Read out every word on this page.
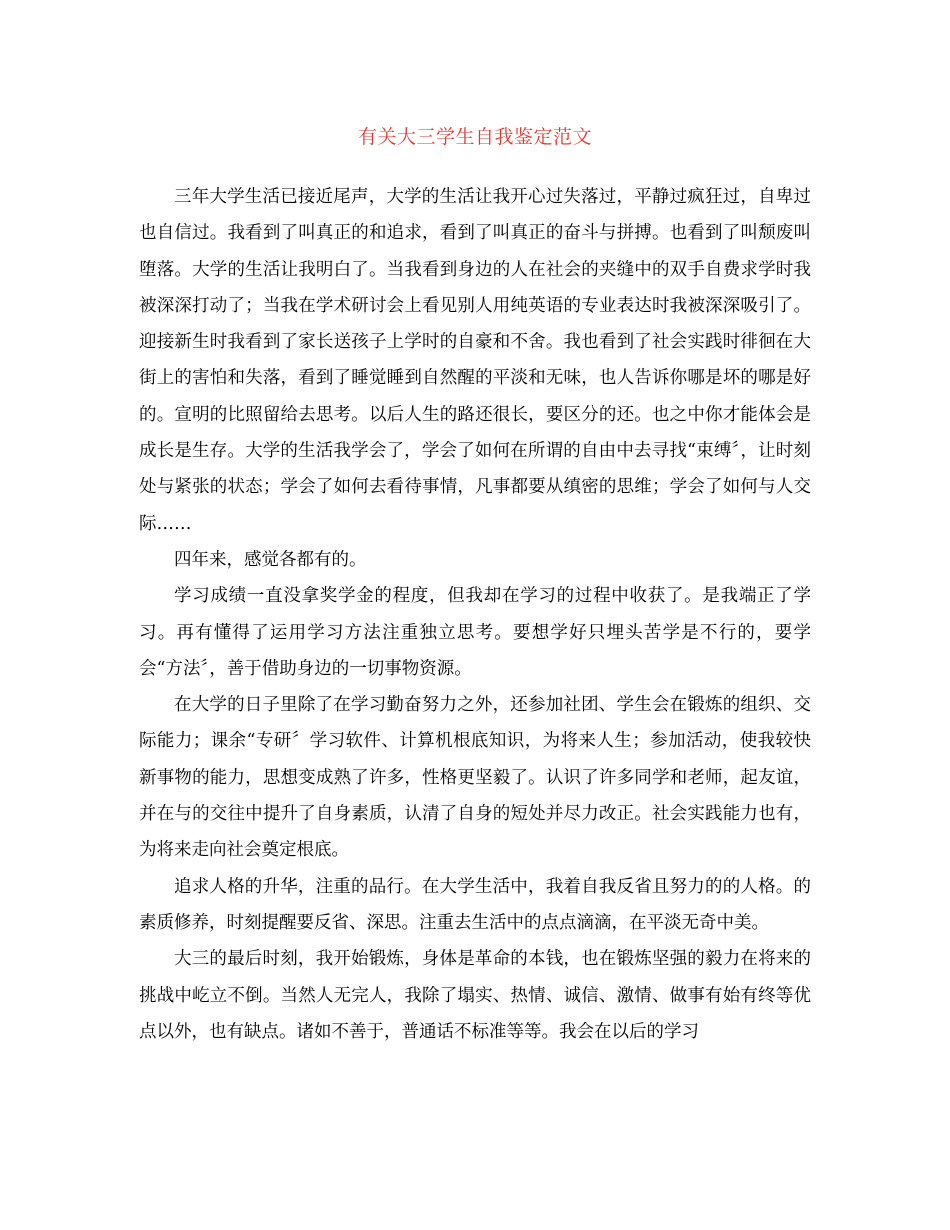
有关大三学生自我鉴定范文

三年大学生活已接近尾声，大学的生活让我开心过失落过，平静过疯狂过，自卑过也自信过。我看到了叫真正的和追求，看到了叫真正的奋斗与拼搏。也看到了叫颓废叫堕落。大学的生活让我明白了。当我看到身边的人在社会的夹缝中的双手自费求学时我被深深打动了；当我在学术研讨会上看见别人用纯英语的专业表达时我被深深吸引了。迎接新生时我看到了家长送孩子上学时的自豪和不舍。我也看到了社会实践时徘徊在大街上的害怕和失落，看到了睡觉睡到自然醒的平淡和无味，也人告诉你哪是坏的哪是好的。宣明的比照留给去思考。以后人生的路还很长，要区分的还。也之中你才能体会是成长是生存。大学的生活我学会了，学会了如何在所谓的自由中去寻找“束缚〞，让时刻处与紧张的状态；学会了如何去看待事情，凡事都要从缜密的思维；学会了如何与人交际……

四年来，感觉各都有的。

学习成绩一直没拿奖学金的程度，但我却在学习的过程中收获了。是我端正了学习。再有懂得了运用学习方法注重独立思考。要想学好只埋头苦学是不行的，要学会“方法〞，善于借助身边的一切事物资源。

在大学的日子里除了在学习勤奋努力之外，还参加社团、学生会在锻炼的组织、交际能力；课余“专研〞学习软件、计算机根底知识，为将来人生；参加活动，使我较快新事物的能力，思想变成熟了许多，性格更坚毅了。认识了许多同学和老师，起友谊，并在与的交往中提升了自身素质，认清了自身的短处并尽力改正。社会实践能力也有，为将来走向社会奠定根底。

追求人格的升华，注重的品行。在大学生活中，我着自我反省且努力的的人格。的素质修养，时刻提醒要反省、深思。注重去生活中的点点滴滴，在平淡无奇中美。

大三的最后时刻，我开始锻炼，身体是革命的本钱，也在锻炼坚强的毅力在将来的挑战中屹立不倒。当然人无完人，我除了塌实、热情、诚信、激情、做事有始有终等优点以外，也有缺点。诸如不善于，普通话不标准等等。我会在以后的学习
